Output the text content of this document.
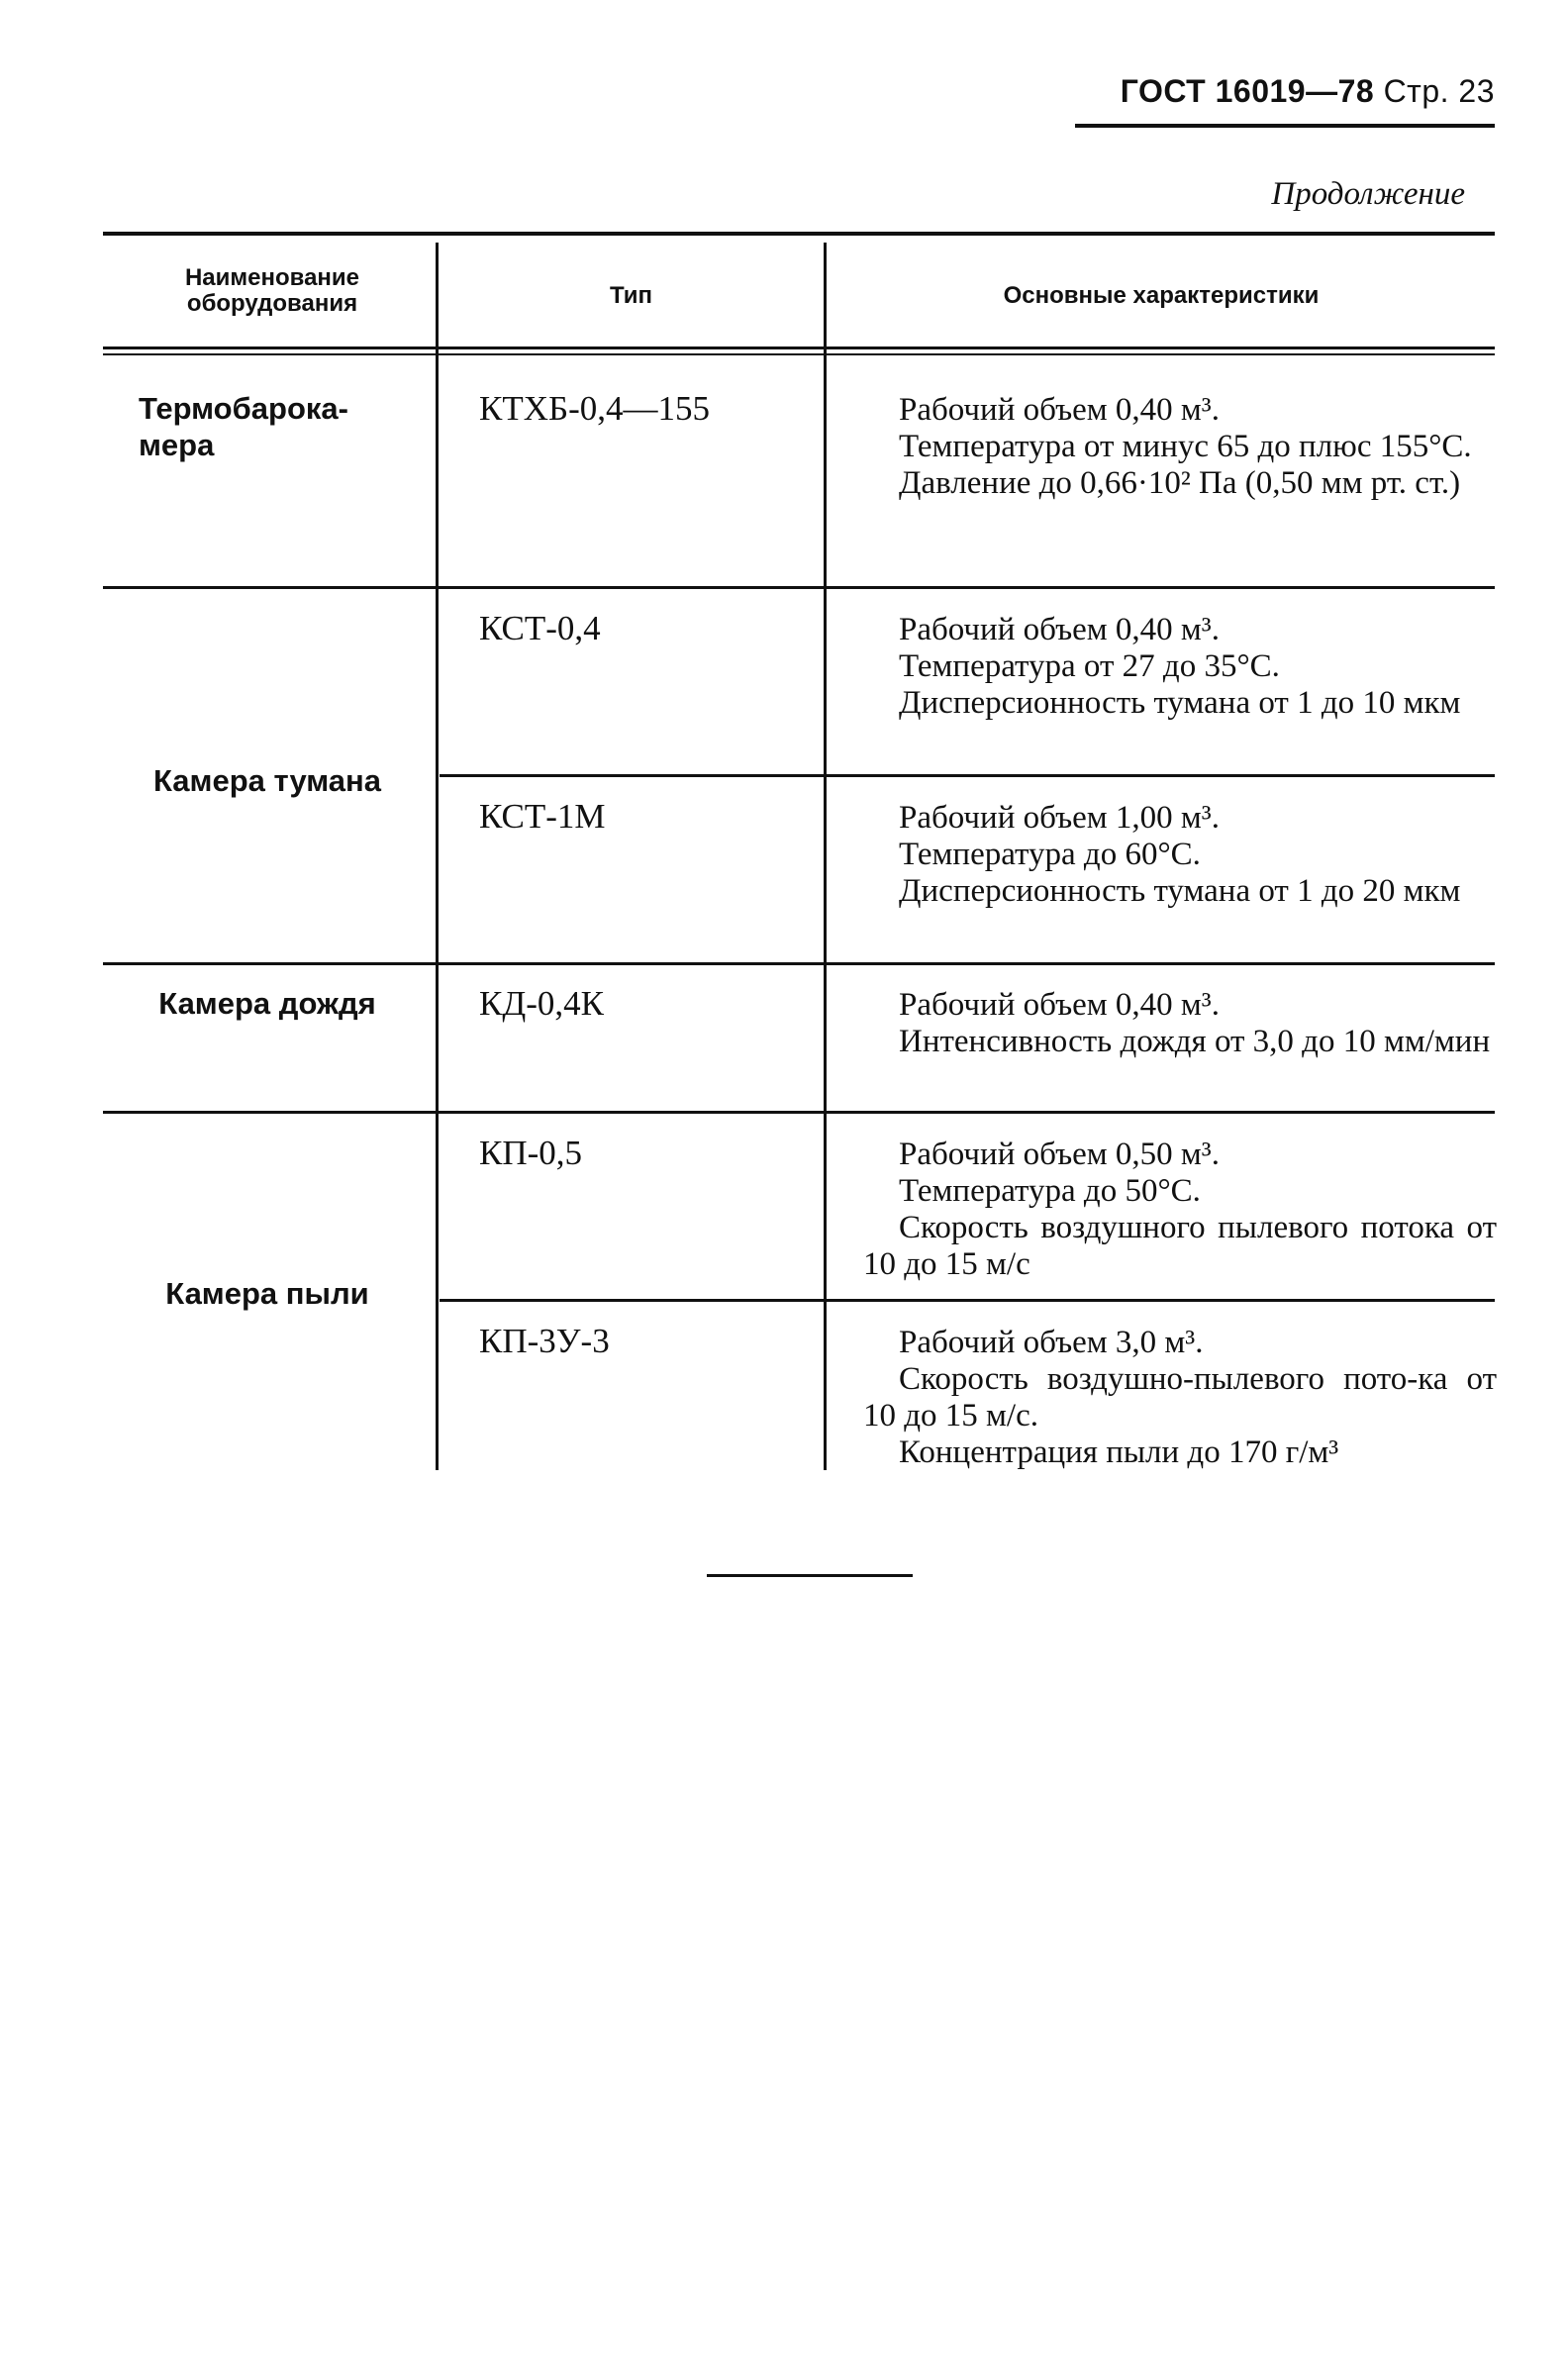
ГОСТ 16019—78 Стр. 23
Продолжение
Наименование оборудования	Тип	Основные характеристики
Термобарока-
мера
Камера тумана
Камера дождя
Камера пыли
КТХБ-0,4—155
КСТ-0,4
КСТ-1М
КД-0,4К
КП-0,5
КП-3У-3

Рабочий объем 0,40 м³.

Температура от минус 65 до плюс 155°С.

Давление до 0,66·10² Па (0,50 мм рт. ст.)

Рабочий объем 0,40 м³.

Температура от 27 до 35°С.

Дисперсионность тумана от 1 до 10 мкм

Рабочий объем 1,00 м³.

Температура до 60°С.

Дисперсионность тумана от 1 до 20 мкм

Рабочий объем 0,40 м³.

Интенсивность дождя от 3,0 до 10 мм/мин

Рабочий объем 0,50 м³.

Температура до 50°С.

Скорость воздушного пылевого потока от 10 до 15 м/с

Рабочий объем 3,0 м³.

Скорость воздушно-пылевого пото-ка от 10 до 15 м/с.

Концентрация пыли до 170 г/м³
